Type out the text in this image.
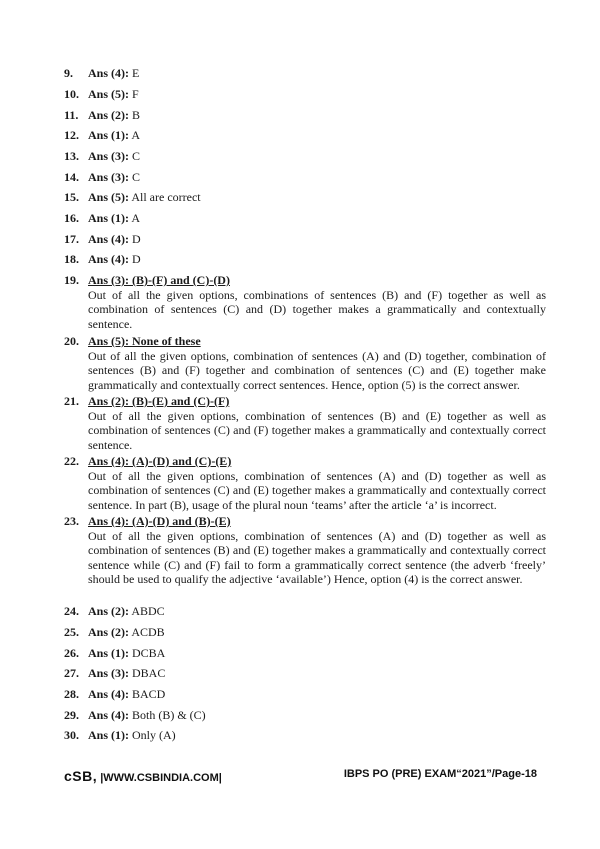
9. Ans (4): E
10. Ans (5): F
11. Ans (2): B
12. Ans (1): A
13. Ans (3): C
14. Ans (3): C
15. Ans (5): All are correct
16. Ans (1): A
17. Ans (4): D
18. Ans (4): D
19. Ans (3): (B)-(F) and (C)-(D)
Out of all the given options, combinations of sentences (B) and (F) together as well as combination of sentences (C) and (D) together makes a grammatically and contextually sentence.
20. Ans (5): None of these
Out of all the given options, combination of sentences (A) and (D) together, combination of sentences (B) and (F) together and combination of sentences (C) and (E) together make grammatically and contextually correct sentences. Hence, option (5) is the correct answer.
21. Ans (2): (B)-(E) and (C)-(F)
Out of all the given options, combination of sentences (B) and (E) together as well as combination of sentences (C) and (F) together makes a grammatically and contextually correct sentence.
22. Ans (4): (A)-(D) and (C)-(E)
Out of all the given options, combination of sentences (A) and (D) together as well as combination of sentences (C) and (E) together makes a grammatically and contextually correct sentence. In part (B), usage of the plural noun ‘teams’ after the article ‘a’ is incorrect.
23. Ans (4): (A)-(D) and (B)-(E)
Out of all the given options, combination of sentences (A) and (D) together as well as combination of sentences (B) and (E) together makes a grammatically and contextually correct sentence while (C) and (F) fail to form a grammatically correct sentence (the adverb ‘freely’ should be used to qualify the adjective ‘available’) Hence, option (4) is the correct answer.
24. Ans (2): ABDC
25. Ans (2): ACDB
26. Ans (1): DCBA
27. Ans (3): DBAC
28. Ans (4): BACD
29. Ans (4): Both (B) & (C)
30. Ans (1): Only (A)
cSB, |WWW.CSBINDIA.COM|	IBPS PO (PRE) EXAM“2021”/Page-18
